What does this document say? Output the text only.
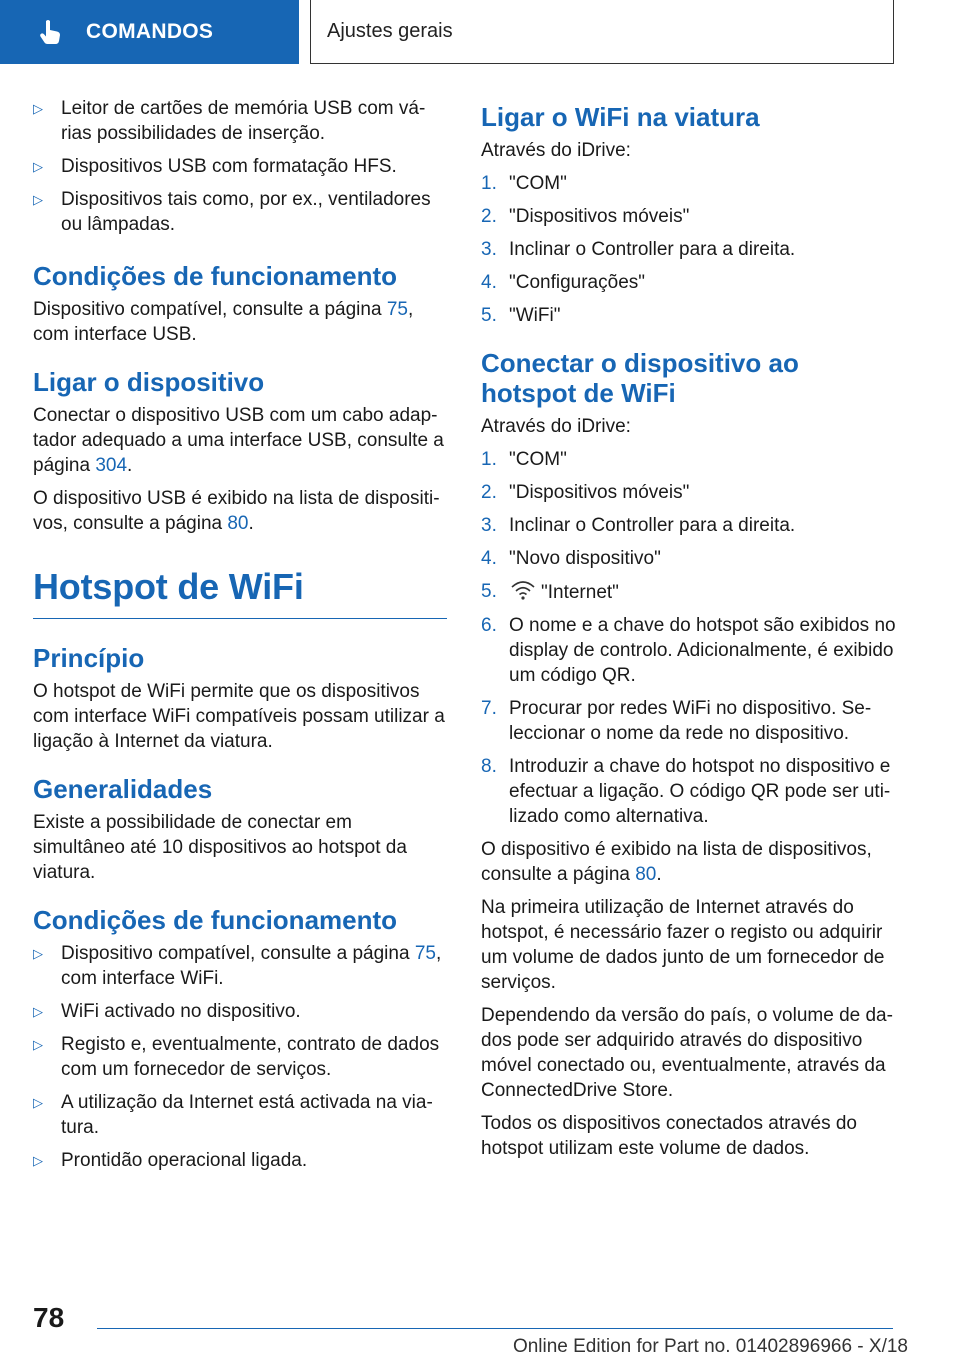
COMANDOS	Ajustes gerais
▷ Leitor de cartões de memória USB com vá-rias possibilidades de inserção.
▷ Dispositivos USB com formatação HFS.
▷ Dispositivos tais como, por ex., ventiladores ou lâmpadas.
Condições de funcionamento
Dispositivo compatível, consulte a página 75,
com interface USB.
Ligar o dispositivo
Conectar o dispositivo USB com um cabo adap-tador adequado a uma interface USB, consulte a página 304.
O dispositivo USB é exibido na lista de dispositi-vos, consulte a página 80.
Hotspot de WiFi
Princípio
O hotspot de WiFi permite que os dispositivos com interface WiFi compatíveis possam utilizar a ligação à Internet da viatura.
Generalidades
Existe a possibilidade de conectar em simultâneo até 10 dispositivos ao hotspot da viatura.
Condições de funcionamento
▷ Dispositivo compatível, consulte a página 75, com interface WiFi.
▷ WiFi activado no dispositivo.
▷ Registo e, eventualmente, contrato de dados com um fornecedor de serviços.
▷ A utilização da Internet está activada na via-tura.
▷ Prontidão operacional ligada.
Ligar o WiFi na viatura
Através do iDrive:
1. "COM"
2. "Dispositivos móveis"
3. Inclinar o Controller para a direita.
4. "Configurações"
5. "WiFi"
Conectar o dispositivo ao hotspot de WiFi
Através do iDrive:
1. "COM"
2. "Dispositivos móveis"
3. Inclinar o Controller para a direita.
4. "Novo dispositivo"
5.	"Internet"
6. O nome e a chave do hotspot são exibidos no display de controlo. Adicionalmente, é exibido um código QR.
7. Procurar por redes WiFi no dispositivo. Se-leccionar o nome da rede no dispositivo.
8. Introduzir a chave do hotspot no dispositivo e efectuar a ligação. O código QR pode ser uti-lizado como alternativa.
O dispositivo é exibido na lista de dispositivos, consulte a página 80.
Na primeira utilização de Internet através do hotspot, é necessário fazer o registo ou adquirir um volume de dados junto de um fornecedor de serviços.
Dependendo da versão do país, o volume de da-dos pode ser adquirido através do dispositivo móvel conectado ou, eventualmente, através da ConnectedDrive Store.
Todos os dispositivos conectados através do hotspot utilizam este volume de dados.
78
Online Edition for Part no. 01402896966 - X/18
